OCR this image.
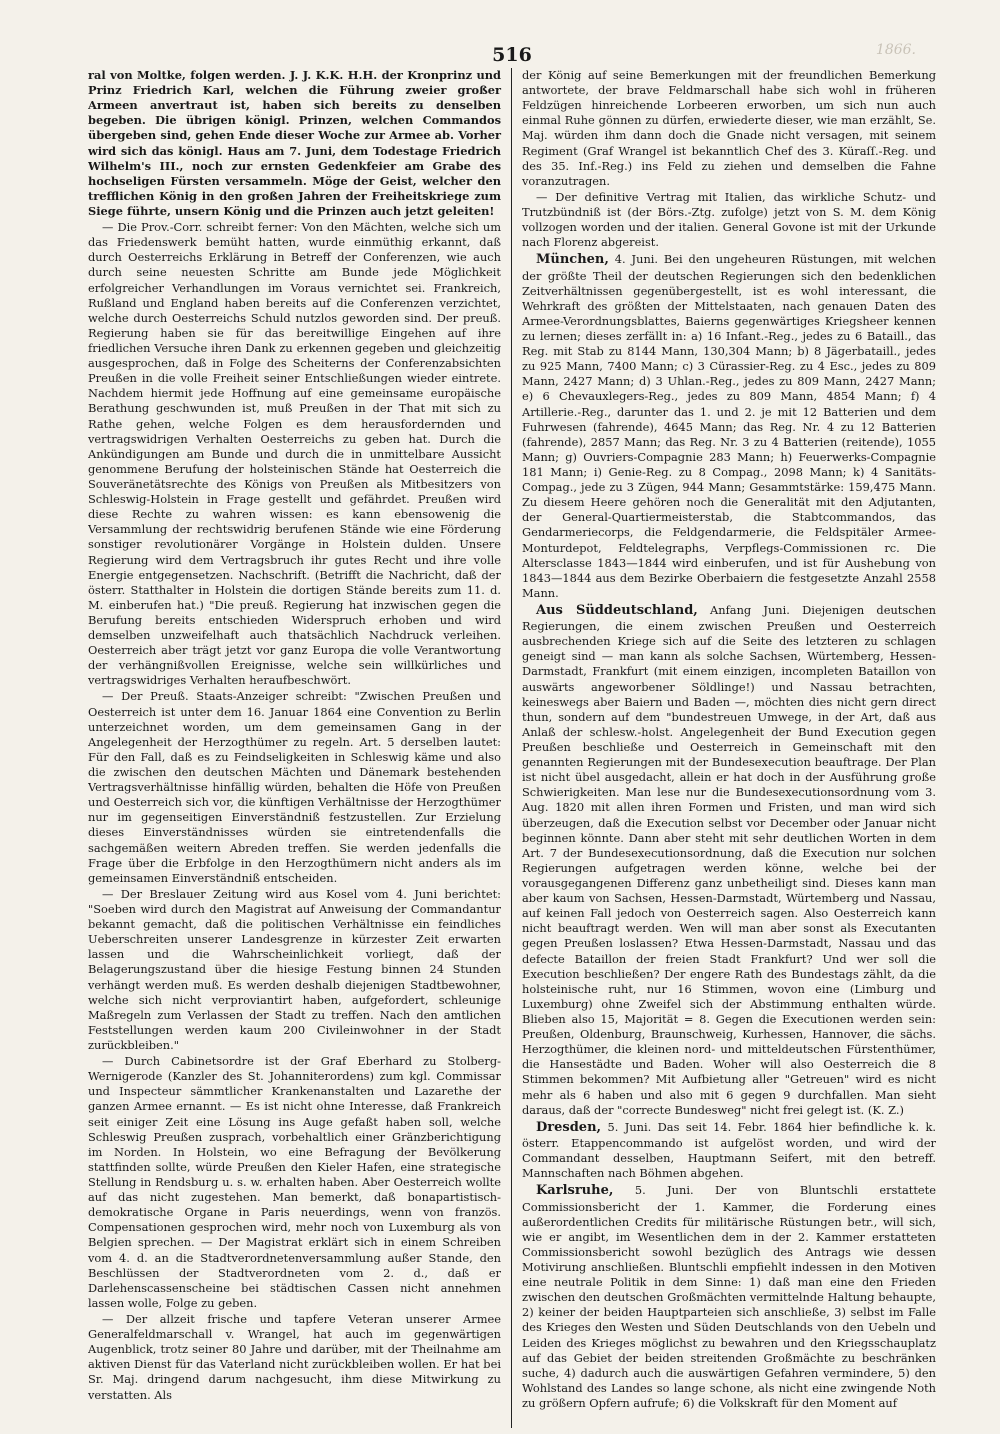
516	1866.

ral von Moltke, folgen werden. J. J. K.K. H.H. der Kronprinz und Prinz Friedrich Karl, welchen die Führung zweier großer Armeen anvertraut ist, haben sich bereits zu denselben begeben. Die übrigen königl. Prinzen, welchen Commandos übergeben sind, gehen Ende dieser Woche zur Armee ab. Vorher wird sich das königl. Haus am 7. Juni, dem Todestage Friedrich Wilhelm's III., noch zur ernsten Gedenkfeier am Grabe des hochseligen Fürsten versammeln. Möge der Geist, welcher den trefflichen König in den großen Jahren der Freiheitskriege zum Siege führte, unsern König und die Prinzen auch jetzt geleiten!

— Die Prov.-Corr. schreibt ferner: Von den Mächten, welche sich um das Friedenswerk bemüht hatten, wurde einmüthig erkannt, daß durch Oesterreichs Erklärung in Betreff der Conferenzen, wie auch durch seine neuesten Schritte am Bunde jede Möglichkeit erfolgreicher Verhandlungen im Voraus vernichtet sei. Frankreich, Rußland und England haben bereits auf die Conferenzen verzichtet, welche durch Oesterreichs Schuld nutzlos geworden sind. Der preuß. Regierung haben sie für das bereitwillige Eingehen auf ihre friedlichen Versuche ihren Dank zu erkennen gegeben und gleichzeitig ausgesprochen, daß in Folge des Scheiterns der Conferenzabsichten Preußen in die volle Freiheit seiner Entschließungen wieder eintrete. Nachdem hiermit jede Hoffnung auf eine gemeinsame europäische Berathung geschwunden ist, muß Preußen in der That mit sich zu Rathe gehen, welche Folgen es dem herausfordernden und vertragswidrigen Verhalten Oesterreichs zu geben hat. Durch die Ankündigungen am Bunde und durch die in unmittelbare Aussicht genommene Berufung der holsteinischen Stände hat Oesterreich die Souveränetätsrechte des Königs von Preußen als Mitbesitzers von Schleswig-Holstein in Frage gestellt und gefährdet. Preußen wird diese Rechte zu wahren wissen: es kann ebensowenig die Versammlung der rechtswidrig berufenen Stände wie eine Förderung sonstiger revolutionärer Vorgänge in Holstein dulden. Unsere Regierung wird dem Vertragsbruch ihr gutes Recht und ihre volle Energie entgegensetzen. Nachschrift. (Betrifft die Nachricht, daß der österr. Statthalter in Holstein die dortigen Stände bereits zum 11. d. M. einberufen hat.) "Die preuß. Regierung hat inzwischen gegen die Berufung bereits entschieden Widerspruch erhoben und wird demselben unzweifelhaft auch thatsächlich Nachdruck verleihen. Oesterreich aber trägt jetzt vor ganz Europa die volle Verantwortung der verhängnißvollen Ereignisse, welche sein willkürliches und vertragswidriges Verhalten heraufbeschwört.

— Der Preuß. Staats-Anzeiger schreibt: "Zwischen Preußen und Oesterreich ist unter dem 16. Januar 1864 eine Convention zu Berlin unterzeichnet worden, um dem gemeinsamen Gang in der Angelegenheit der Herzogthümer zu regeln. Art. 5 derselben lautet: Für den Fall, daß es zu Feindseligkeiten in Schleswig käme und also die zwischen den deutschen Mächten und Dänemark bestehenden Vertragsverhältnisse hinfällig würden, behalten die Höfe von Preußen und Oesterreich sich vor, die künftigen Verhältnisse der Herzogthümer nur im gegenseitigen Einverständniß festzustellen. Zur Erzielung dieses Einverständnisses würden sie eintretendenfalls die sachgemäßen weitern Abreden treffen. Sie werden jedenfalls die Frage über die Erbfolge in den Herzogthümern nicht anders als im gemeinsamen Einverständniß entscheiden.

— Der Breslauer Zeitung wird aus Kosel vom 4. Juni berichtet: "Soeben wird durch den Magistrat auf Anweisung der Commandantur bekannt gemacht, daß die politischen Verhältnisse ein feindliches Ueberschreiten unserer Landesgrenze in kürzester Zeit erwarten lassen und die Wahrscheinlichkeit vorliegt, daß der Belagerungszustand über die hiesige Festung binnen 24 Stunden verhängt werden muß. Es werden deshalb diejenigen Stadtbewohner, welche sich nicht verproviantirt haben, aufgefordert, schleunige Maßregeln zum Verlassen der Stadt zu treffen. Nach den amtlichen Feststellungen werden kaum 200 Civileinwohner in der Stadt zurückbleiben."

— Durch Cabinetsordre ist der Graf Eberhard zu Stolberg-Wernigerode (Kanzler des St. Johanniterordens) zum kgl. Commissar und Inspecteur sämmtlicher Krankenanstalten und Lazarethe der ganzen Armee ernannt. — Es ist nicht ohne Interesse, daß Frankreich seit einiger Zeit eine Lösung ins Auge gefaßt haben soll, welche Schleswig Preußen zusprach, vorbehaltlich einer Gränzberichtigung im Norden. In Holstein, wo eine Befragung der Bevölkerung stattfinden sollte, würde Preußen den Kieler Hafen, eine strategische Stellung in Rendsburg u. s. w. erhalten haben. Aber Oesterreich wollte auf das nicht zugestehen. Man bemerkt, daß bonapartistisch-demokratische Organe in Paris neuerdings, wenn von französ. Compensationen gesprochen wird, mehr noch von Luxemburg als von Belgien sprechen. — Der Magistrat erklärt sich in einem Schreiben vom 4. d. an die Stadtverordnetenversammlung außer Stande, den Beschlüssen der Stadtverordneten vom 2. d., daß er Darlehenscassenscheine bei städtischen Cassen nicht annehmen lassen wolle, Folge zu geben.

— Der allzeit frische und tapfere Veteran unserer Armee Generalfeldmarschall v. Wrangel, hat auch im gegenwärtigen Augenblick, trotz seiner 80 Jahre und darüber, mit der Theilnahme am aktiven Dienst für das Vaterland nicht zurückbleiben wollen. Er hat bei Sr. Maj. dringend darum nachgesucht, ihm diese Mitwirkung zu verstatten. Als

der König auf seine Bemerkungen mit der freundlichen Bemerkung antwortete, der brave Feldmarschall habe sich wohl in früheren Feldzügen hinreichende Lorbeeren erworben, um sich nun auch einmal Ruhe gönnen zu dürfen, erwiederte dieser, wie man erzählt, Se. Maj. würden ihm dann doch die Gnade nicht versagen, mit seinem Regiment (Graf Wrangel ist bekanntlich Chef des 3. Küraſſ.-Reg. und des 35. Inf.-Reg.) ins Feld zu ziehen und demselben die Fahne voranzutragen.

— Der definitive Vertrag mit Italien, das wirkliche Schutz- und Trutzbündniß ist (der Börs.-Ztg. zufolge) jetzt von S. M. dem König vollzogen worden und der italien. General Govone ist mit der Urkunde nach Florenz abgereist.

München, 4. Juni. Bei den ungeheuren Rüstungen, mit welchen der größte Theil der deutschen Regierungen sich den bedenklichen Zeitverhältnissen gegenübergestellt, ist es wohl interessant, die Wehrkraft des größten der Mittelstaaten, nach genauen Daten des Armee-Verordnungsblattes, Baierns gegenwärtiges Kriegsheer kennen zu lernen; dieses zerfällt in: a) 16 Infant.-Reg., jedes zu 6 Bataill., das Reg. mit Stab zu 8144 Mann, 130,304 Mann; b) 8 Jägerbataill., jedes zu 925 Mann, 7400 Mann; c) 3 Cürassier-Reg. zu 4 Esc., jedes zu 809 Mann, 2427 Mann; d) 3 Uhlan.-Reg., jedes zu 809 Mann, 2427 Mann; e) 6 Chevauxlegers-Reg., jedes zu 809 Mann, 4854 Mann; f) 4 Artillerie.-Reg., darunter das 1. und 2. je mit 12 Batterien und dem Fuhrwesen (fahrende), 4645 Mann; das Reg. Nr. 4 zu 12 Batterien (fahrende), 2857 Mann; das Reg. Nr. 3 zu 4 Batterien (reitende), 1055 Mann; g) Ouvriers-Compagnie 283 Mann; h) Feuerwerks-Compagnie 181 Mann; i) Genie-Reg. zu 8 Compag., 2098 Mann; k) 4 Sanitäts-Compag., jede zu 3 Zügen, 944 Mann; Gesammtstärke: 159,475 Mann. Zu diesem Heere gehören noch die Generalität mit den Adjutanten, der General-Quartiermeisterstab, die Stabtcommandos, das Gendarmeriecorps, die Feldgendarmerie, die Feldspitäler Armee-Monturdepot, Feldtelegraphs, Verpflegs-Commissionen rc. Die Altersclasse 1843—1844 wird einberufen, und ist für Aushebung von 1843—1844 aus dem Bezirke Oberbaiern die festgesetzte Anzahl 2558 Mann.

Aus Süddeutschland, Anfang Juni. Diejenigen deutschen Regierungen, die einem zwischen Preußen und Oesterreich ausbrechenden Kriege sich auf die Seite des letzteren zu schlagen geneigt sind — man kann als solche Sachsen, Würtemberg, Hessen-Darmstadt, Frankfurt (mit einem einzigen, incompleten Bataillon von auswärts angeworbener Söldlinge!) und Nassau betrachten, keineswegs aber Baiern und Baden —, möchten dies nicht gern direct thun, sondern auf dem "bundestreuen Umwege, in der Art, daß aus Anlaß der schlesw.-holst. Angelegenheit der Bund Execution gegen Preußen beschließe und Oesterreich in Gemeinschaft mit den genannten Regierungen mit der Bundesexecution beauftrage. Der Plan ist nicht übel ausgedacht, allein er hat doch in der Ausführung große Schwierigkeiten. Man lese nur die Bundesexecutionsordnung vom 3. Aug. 1820 mit allen ihren Formen und Fristen, und man wird sich überzeugen, daß die Execution selbst vor December oder Januar nicht beginnen könnte. Dann aber steht mit sehr deutlichen Worten in dem Art. 7 der Bundesexecutionsordnung, daß die Execution nur solchen Regierungen aufgetragen werden könne, welche bei der vorausgegangenen Differenz ganz unbetheiligt sind. Dieses kann man aber kaum von Sachsen, Hessen-Darmstadt, Würtemberg und Nassau, auf keinen Fall jedoch von Oesterreich sagen. Also Oesterreich kann nicht beauftragt werden. Wen will man aber sonst als Executanten gegen Preußen loslassen? Etwa Hessen-Darmstadt, Nassau und das defecte Bataillon der freien Stadt Frankfurt? Und wer soll die Execution beschließen? Der engere Rath des Bundestags zählt, da die holsteinische ruht, nur 16 Stimmen, wovon eine (Limburg und Luxemburg) ohne Zweifel sich der Abstimmung enthalten würde. Blieben also 15, Majorität = 8. Gegen die Executionen werden sein: Preußen, Oldenburg, Braunschweig, Kurhessen, Hannover, die sächs. Herzogthümer, die kleinen nord- und mitteldeutschen Fürstenthümer, die Hansestädte und Baden. Woher will also Oesterreich die 8 Stimmen bekommen? Mit Aufbietung aller "Getreuen" wird es nicht mehr als 6 haben und also mit 6 gegen 9 durchfallen. Man sieht daraus, daß der "correcte Bundesweg" nicht frei gelegt ist. (K. Z.)

Dresden, 5. Juni. Das seit 14. Febr. 1864 hier befindliche k. k. österr. Etappencommando ist aufgelöst worden, und wird der Commandant desselben, Hauptmann Seifert, mit den betreff. Mannschaften nach Böhmen abgehen.

Karlsruhe, 5. Juni. Der von Bluntschli erstattete Commissionsbericht der 1. Kammer, die Forderung eines außerordentlichen Credits für militärische Rüstungen betr., will sich, wie er angibt, im Wesentlichen dem in der 2. Kammer erstatteten Commissionsbericht sowohl bezüglich des Antrags wie dessen Motivirung anschließen. Bluntschli empfiehlt indessen in den Motiven eine neutrale Politik in dem Sinne: 1) daß man eine den Frieden zwischen den deutschen Großmächten vermittelnde Haltung behaupte, 2) keiner der beiden Hauptparteien sich anschließe, 3) selbst im Falle des Krieges den Westen und Süden Deutschlands von den Uebeln und Leiden des Krieges möglichst zu bewahren und den Kriegsschauplatz auf das Gebiet der beiden streitenden Großmächte zu beschränken suche, 4) dadurch auch die auswärtigen Gefahren vermindere, 5) den Wohlstand des Landes so lange schone, als nicht eine zwingende Noth zu größern Opfern aufrufe; 6) die Volkskraft für den Moment auf
